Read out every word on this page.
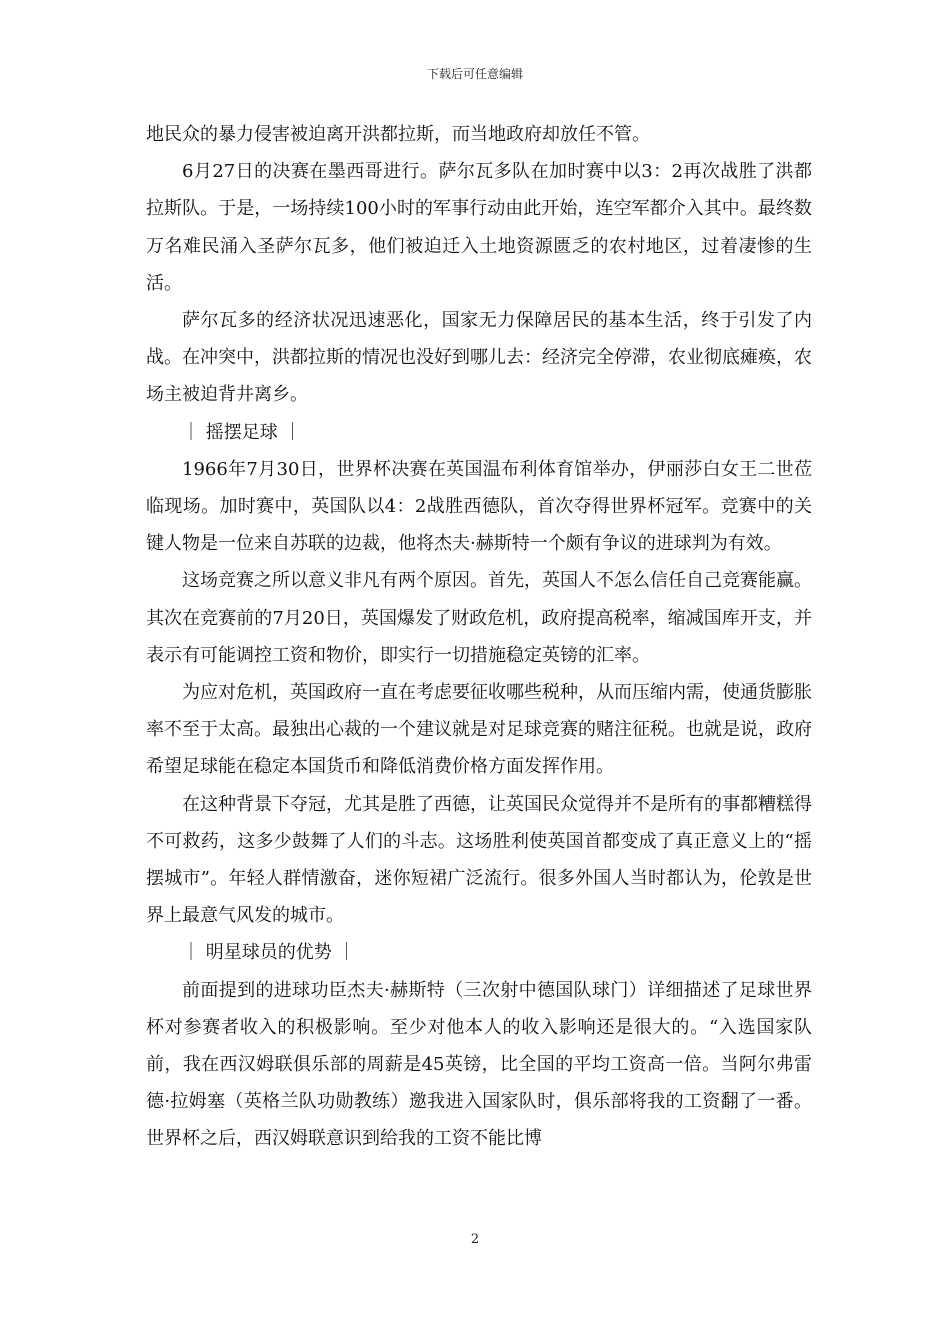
下载后可任意编辑

地民众的暴力侵害被迫离开洪都拉斯，而当地政府却放任不管。

6月27日的决赛在墨西哥进行。萨尔瓦多队在加时赛中以3：2再次战胜了洪都拉斯队。于是，一场持续100小时的军事行动由此开始，连空军都介入其中。最终数万名难民涌入圣萨尔瓦多，他们被迫迁入土地资源匮乏的农村地区，过着凄惨的生活。

萨尔瓦多的经济状况迅速恶化，国家无力保障居民的基本生活，终于引发了内战。在冲突中，洪都拉斯的情况也没好到哪儿去：经济完全停滞，农业彻底瘫痪，农场主被迫背井离乡。

｜ 摇摆足球 ｜

1966年7月30日，世界杯决赛在英国温布利体育馆举办，伊丽莎白女王二世莅临现场。加时赛中，英国队以4：2战胜西德队，首次夺得世界杯冠军。竞赛中的关键人物是一位来自苏联的边裁，他将杰夫·赫斯特一个颇有争议的进球判为有效。

这场竞赛之所以意义非凡有两个原因。首先，英国人不怎么信任自己竞赛能赢。其次在竞赛前的7月20日，英国爆发了财政危机，政府提高税率，缩减国库开支，并表示有可能调控工资和物价，即实行一切措施稳定英镑的汇率。

为应对危机，英国政府一直在考虑要征收哪些税种，从而压缩内需，使通货膨胀率不至于太高。最独出心裁的一个建议就是对足球竞赛的赌注征税。也就是说，政府希望足球能在稳定本国货币和降低消费价格方面发挥作用。

在这种背景下夺冠，尤其是胜了西德，让英国民众觉得并不是所有的事都糟糕得不可救药，这多少鼓舞了人们的斗志。这场胜利使英国首都变成了真正意义上的“摇摆城市”。年轻人群情激奋，迷你短裙广泛流行。很多外国人当时都认为，伦敦是世界上最意气风发的城市。

｜ 明星球员的优势 ｜

前面提到的进球功臣杰夫·赫斯特（三次射中德国队球门）详细描述了足球世界杯对参赛者收入的积极影响。至少对他本人的收入影响还是很大的。“入选国家队前，我在西汉姆联俱乐部的周薪是45英镑，比全国的平均工资高一倍。当阿尔弗雷德·拉姆塞（英格兰队功勋教练）邀我进入国家队时，俱乐部将我的工资翻了一番。世界杯之后，西汉姆联意识到给我的工资不能比博

2
